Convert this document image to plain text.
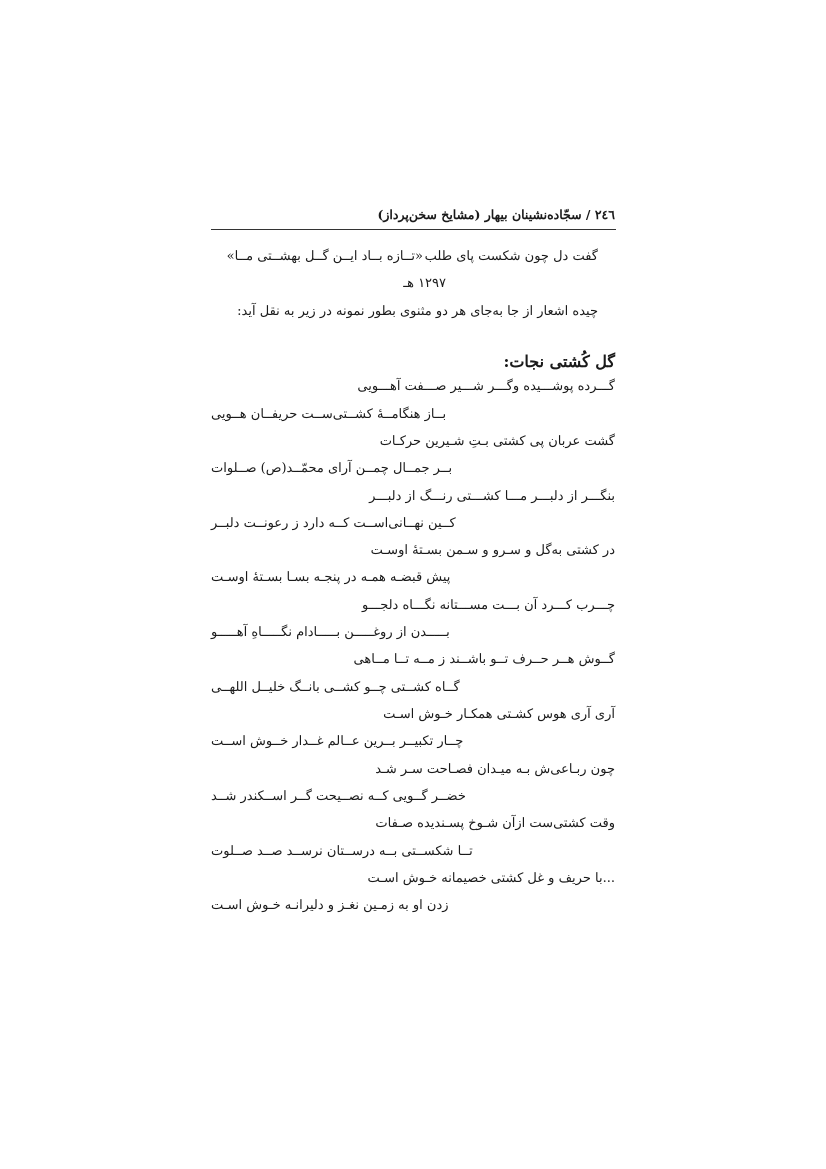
٢٤٦ / سجّاده‌نشینان بیهار (مشایخ سخن‌پرداز)
گفت دل چون شکست پای طلب
«تــازه بــاد ایــن گــل بهشــتی مــا»
۱۲۹۷ هـ
چیده اشعار از جا به‌جای هر دو مثنوی بطور نمونه در زیر به نقل آید:
گل کُشتی نجات:
گـــرده پوشـــیده وگـــر شـــیر صـــفت آهـــویی
بــاز هنگامــهٔ کشــتی‌ســت حریفــان هــویی
گشت عربان پی کشتی بـتِ شـیرین حرکـات
بــر جمــال چمــن آرای محمّــد(ص) صــلوات
بنگـــر از دلبـــر مـــا کشـــتی رنـــگ از دلبـــر
کــین نهــانی‌اســت کــه دارد ز رعونــت دلبــر
در کشتی به‌گل و سـرو و سـمن بسـتهٔ اوسـت
پیش قبضـه همـه در پنجـه بسـا بسـتهٔ اوسـت
چـــرب کـــرد آن بـــت مســـتانه نگـــاه دلجـــو
بـــــدن از روغـــــن بـــــادام نگـــــاهِ آهـــــو
گــوش هــر حــرف تــو باشــند ز مــه تــا مــاهی
گــاه کشــتی چــو کشــی بانــگ خلیــل اللهــی
آری آری هوس کشـتی همکـار خـوش اسـت
چــار تکبیــر بــرین عــالم غــدار خــوش اســت
چون ربـاعی‌ش بـه میـدان فصـاحت سـر شـد
خضــر گــویی کــه نصــیحت گــر اســکندر شــد
وقت کشتی‌ست ازآن شـوخ پسـندیده صـفات
تــا شکســتی بــه درســتان نرســد صــد صــلوت
...با حریف و غل کشتی خصیمانه خـوش اسـت
زدن او به زمـین نغـز و دلیرانـه خـوش اسـت
